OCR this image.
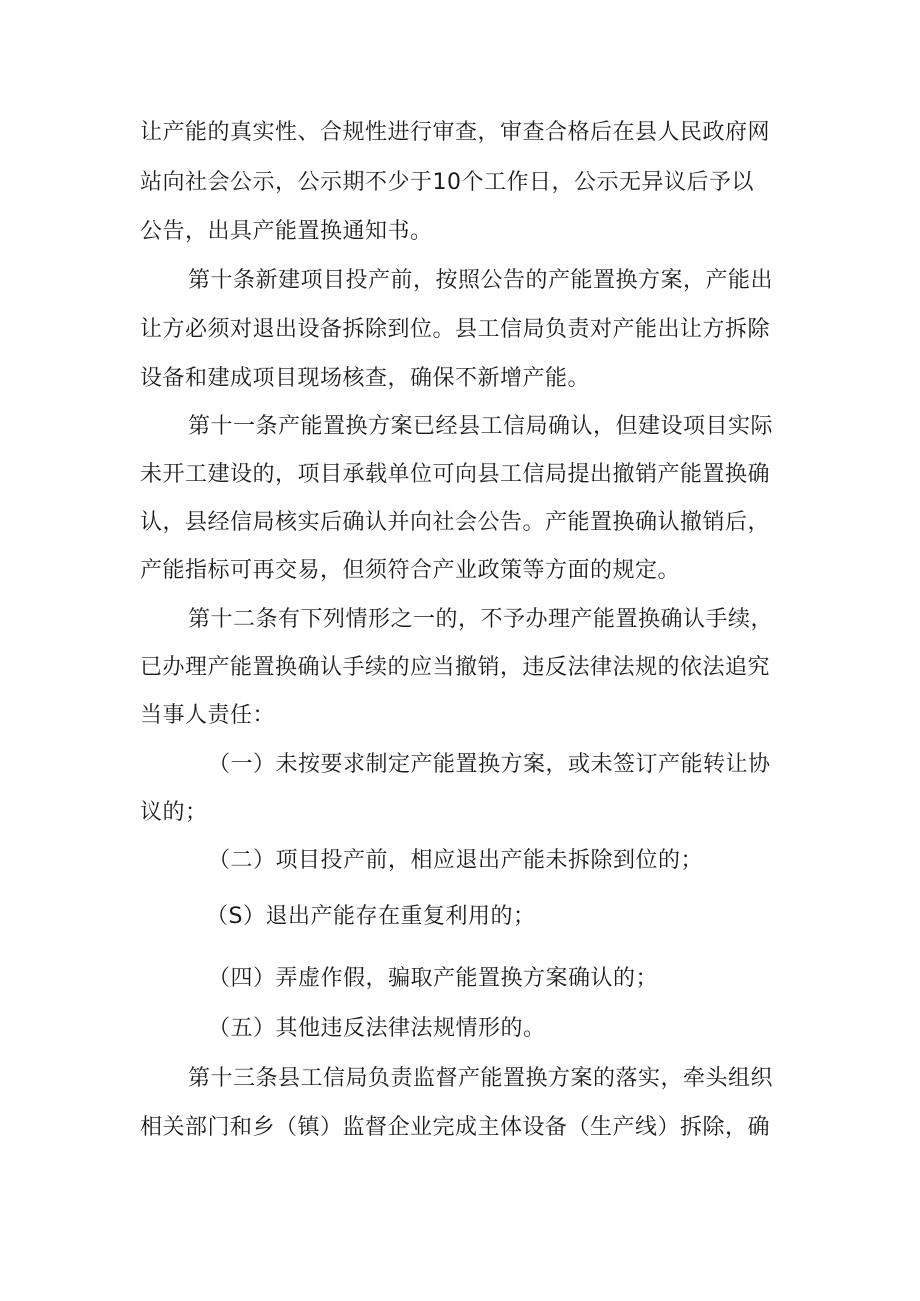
让产能的真实性、合规性进行审查，审查合格后在县人民政府网
站向社会公示，公示期不少于10个工作日，公示无异议后予以
公告，出具产能置换通知书。
第十条新建项目投产前，按照公告的产能置换方案，产能出
让方必须对退出设备拆除到位。县工信局负责对产能出让方拆除
设备和建成项目现场核查，确保不新增产能。
第十一条产能置换方案已经县工信局确认，但建设项目实际
未开工建设的，项目承载单位可向县工信局提出撤销产能置换确
认，县经信局核实后确认并向社会公告。产能置换确认撤销后，
产能指标可再交易，但须符合产业政策等方面的规定。
第十二条有下列情形之一的，不予办理产能置换确认手续，
已办理产能置换确认手续的应当撤销，违反法律法规的依法追究
当事人责任：
（一）未按要求制定产能置换方案，或未签订产能转让协
议的；
（二）项目投产前，相应退出产能未拆除到位的；
（S）退出产能存在重复利用的；
（四）弄虚作假，骗取产能置换方案确认的；
（五）其他违反法律法规情形的。
第十三条县工信局负责监督产能置换方案的落实，牵头组织
相关部门和乡（镇）监督企业完成主体设备（生产线）拆除，确
